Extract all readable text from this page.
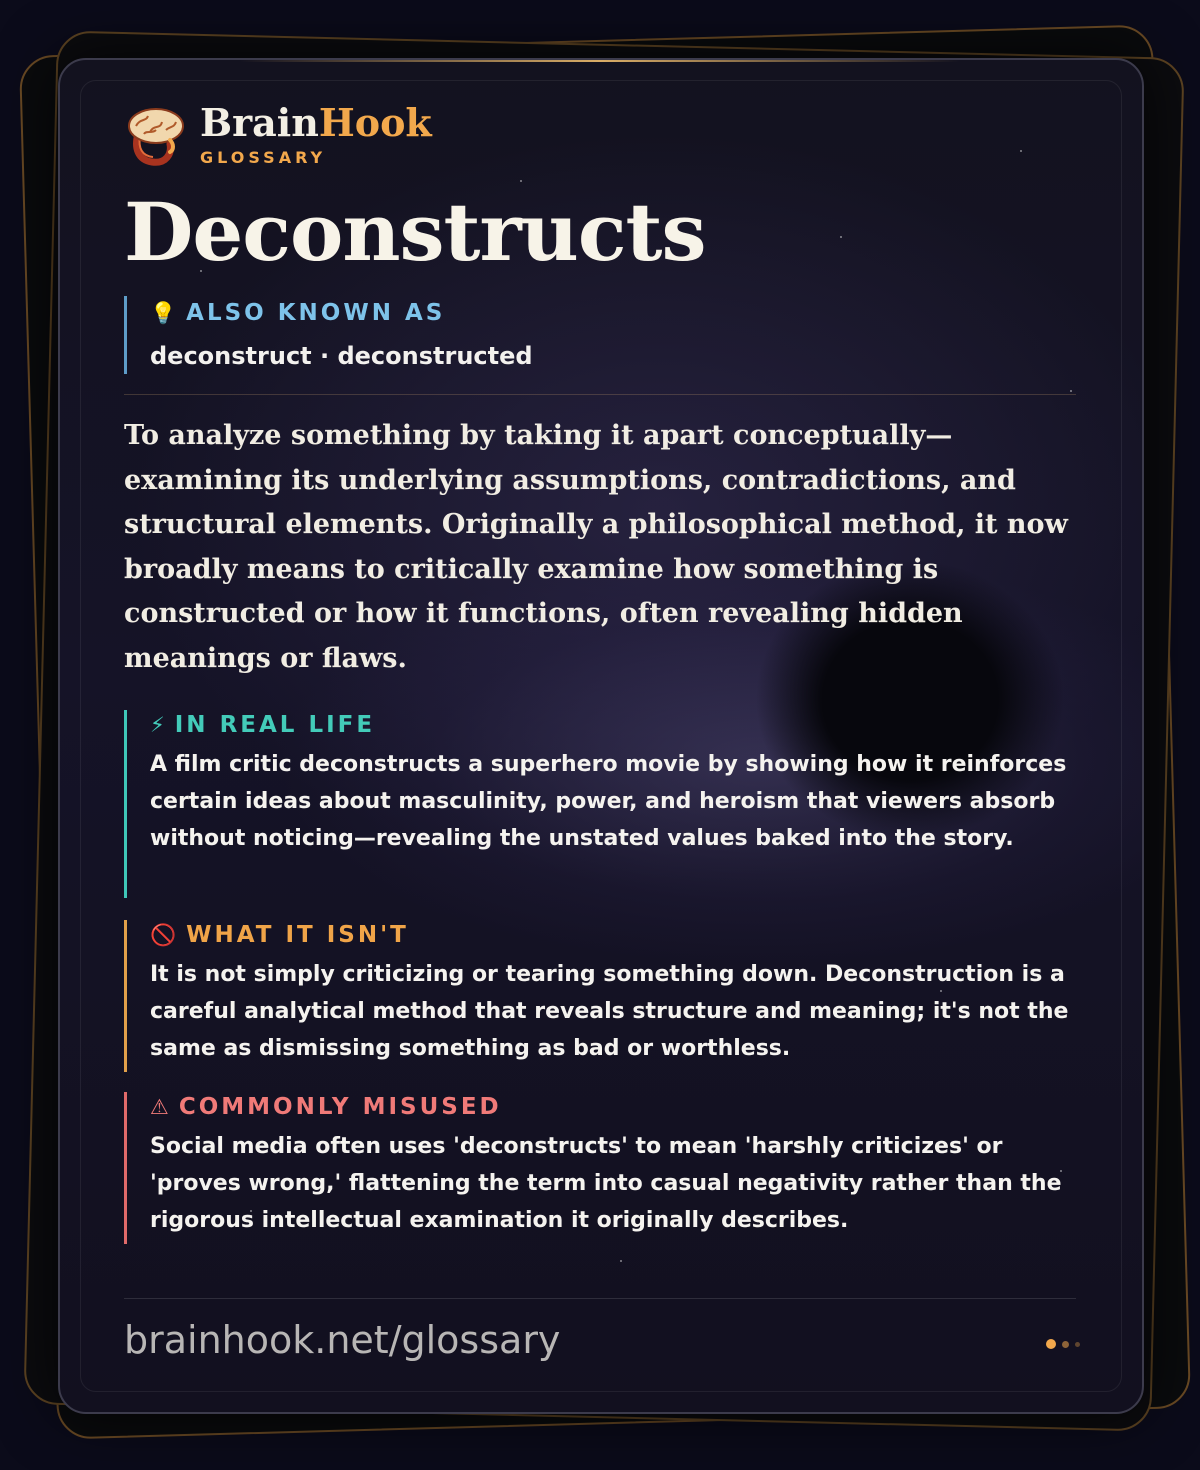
BrainHook
GLOSSARY
Deconstructs
💡 ALSO KNOWN AS
deconstruct · deconstructed

To analyze something by taking it apart conceptually—examining its underlying assumptions, contradictions, and structural elements. Originally a philosophical method, it now broadly means to critically examine how something is constructed or how it functions, often revealing hidden meanings or flaws.

⚡ IN REAL LIFE
A film critic deconstructs a superhero movie by showing how it reinforces certain ideas about masculinity, power, and heroism that viewers absorb without noticing—revealing the unstated values baked into the story.
🚫 WHAT IT ISN'T
It is not simply criticizing or tearing something down. Deconstruction is a careful analytical method that reveals structure and meaning; it's not the same as dismissing something as bad or worthless.
⚠ COMMONLY MISUSED
Social media often uses 'deconstructs' to mean 'harshly criticizes' or 'proves wrong,' flattening the term into casual negativity rather than the rigorous intellectual examination it originally describes.
brainhook.net/glossary
